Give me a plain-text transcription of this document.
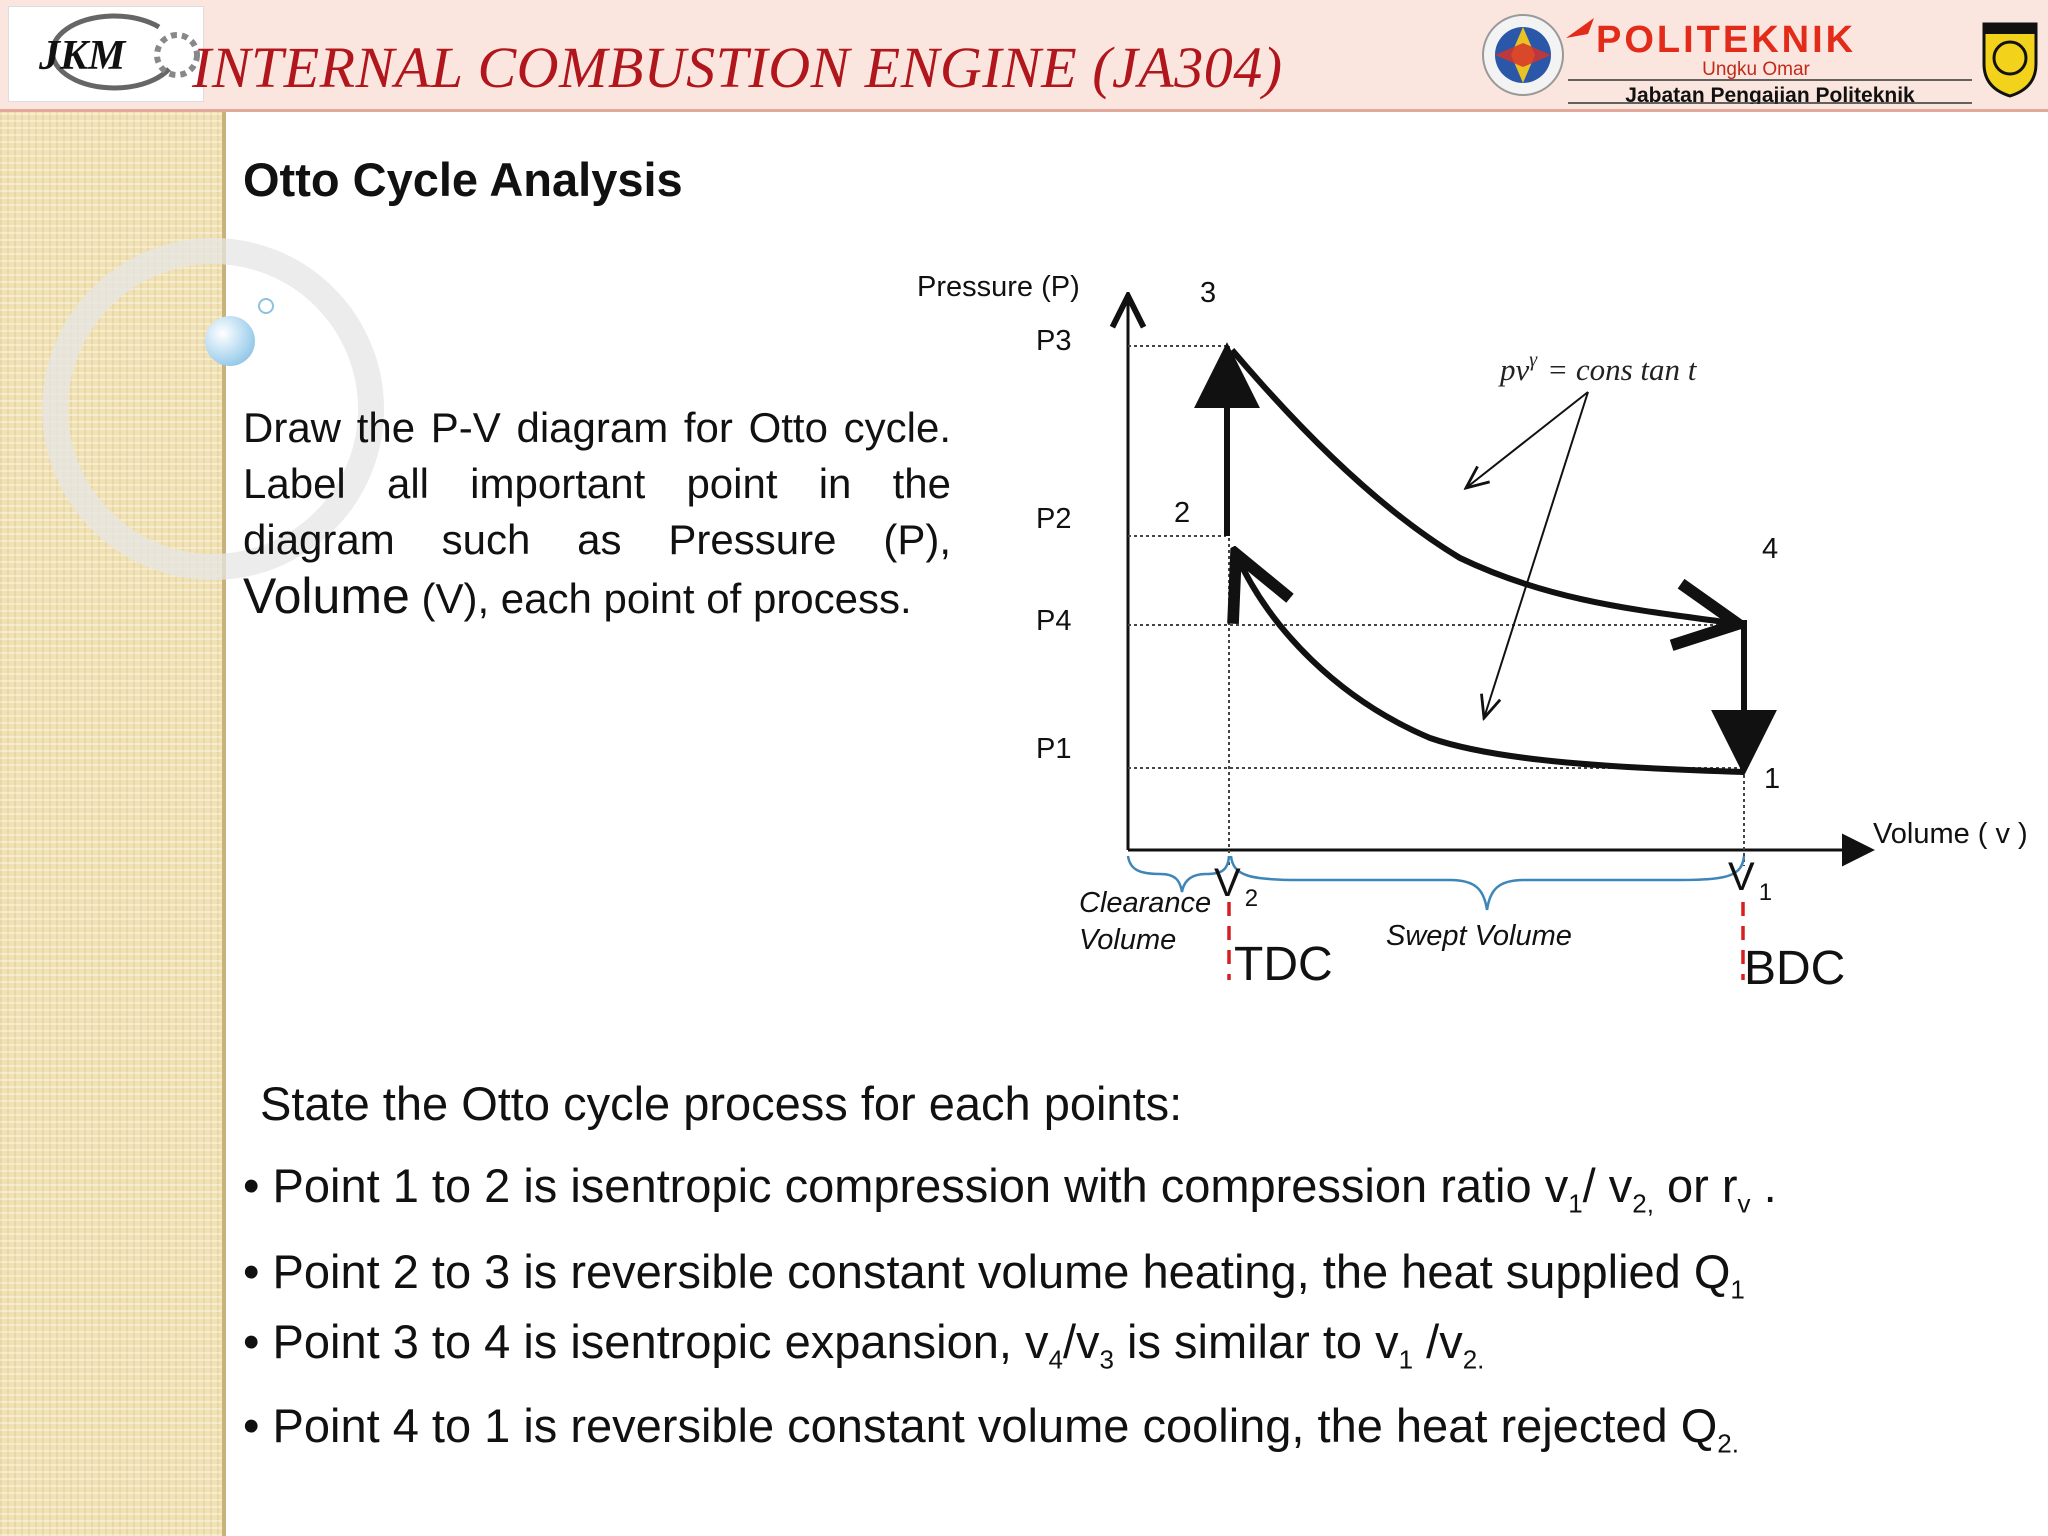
JKM INTERNAL COMBUSTION ENGINE (JA304)	POLITEKNIK
Ungku Omar
Jabatan Pengajian Politeknik
Otto Cycle Analysis
Draw the P-V diagram for Otto cycle. Label all important point in the diagram such as Pressure (P), Volume (V), each point of process.
Pressure (P)
Volume ( v )
P3
P2
P4
P1
1
2
3
4
$pv^\gamma$ = cons tan t
V $_2$	V $_1$
Clearance
Volume	Swept Volume
TDC	BDC
State the Otto cycle process for each points:
• Point 1 to 2 is isentropic compression with compression ratio $v_1/$ $v_{2,}$ or $r_v$ .
• Point 2 to 3 is reversible constant volume heating, the heat supplied $Q_1$
• Point 3 to 4 is isentropic expansion, $v_4/v_3$ is similar to $v_1$ $/v_{2.}$
• Point 4 to 1 is reversible constant volume cooling, the heat rejected $Q_{2.}$
